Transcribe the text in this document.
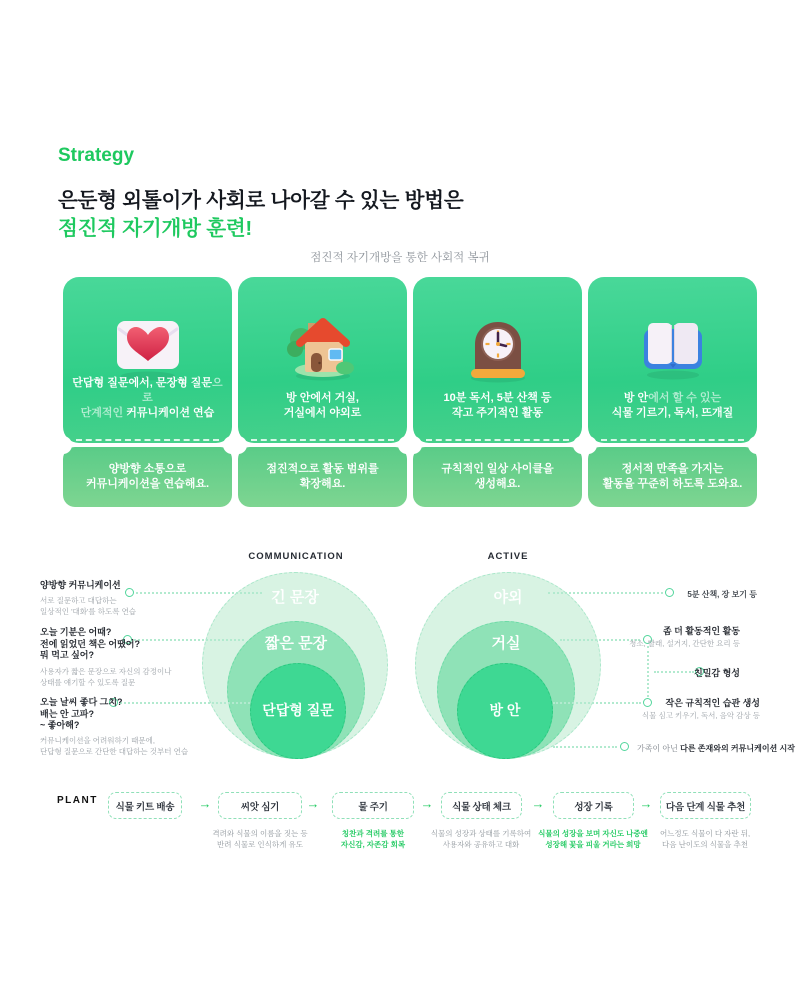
Strategy
은둔형 외톨이가 사회로 나아갈 수 있는 방법은
점진적 자기개방 훈련!
점진적 자기개방을 통한 사회적 복귀
단답형 질문에서, 문장형 질문으로
단계적인 커뮤니케이션 연습
양방향 소통으로
커뮤니케이션을 연습해요.
방 안에서 거실,
거실에서 야외로
점진적으로 활동 범위를
확장해요.
10분 독서, 5분 산책 등
작고 주기적인 활동
규칙적인 일상 사이클을
생성해요.
방 안에서 할 수 있는
식물 기르기, 독서, 뜨개질
정서적 만족을 가지는
활동을 꾸준히 하도록 도와요.
COMMUNICATION
긴 문장
짧은 문장
단답형 질문
양방향 커뮤니케이션
서로 질문하고 대답하는
일상적인 '대화'를 하도록 연습
오늘 기분은 어때?
전에 읽었던 책은 어땠어?
뭐 먹고 싶어?
사용자가 짧은 문장으로 자신의 감정이나
상태를 얘기할 수 있도록 질문
오늘 날씨 좋다 그치?
배는 안 고파?
~ 좋아해?
커뮤니케이션을 어려워하기 때문에,
단답형 질문으로 간단한 대답하는 것부터 연습
ACTIVE
야외
거실
방 안
5분 산책, 장 보기 등
좀 더 활동적인 활동
청소, 빨래, 설거지, 간단한 요리 등
친밀감 형성
작은 규칙적인 습관 생성
식물 심고 키우기, 독서, 음악 감상 등
가족이 아닌 다른 존재와의 커뮤니케이션 시작
PLANT
식물 키트 배송	→	씨앗 심기	→	물 주기	→	식물 상태 체크	→	성장 기록	→	다음 단계 식물 추천
격려와 식물의 이름을 짓는 등
반려 식물로 인식하게 유도
칭찬과 격려를 통한
자신감, 자존감 회복
식물의 성장과 상태를 기록하여
사용자와 공유하고 대화
식물의 성장을 보며 자신도 나중엔
성장해 꽃을 피울 거라는 희망
어느정도 식물이 다 자란 뒤,
다음 난이도의 식물을 추천
